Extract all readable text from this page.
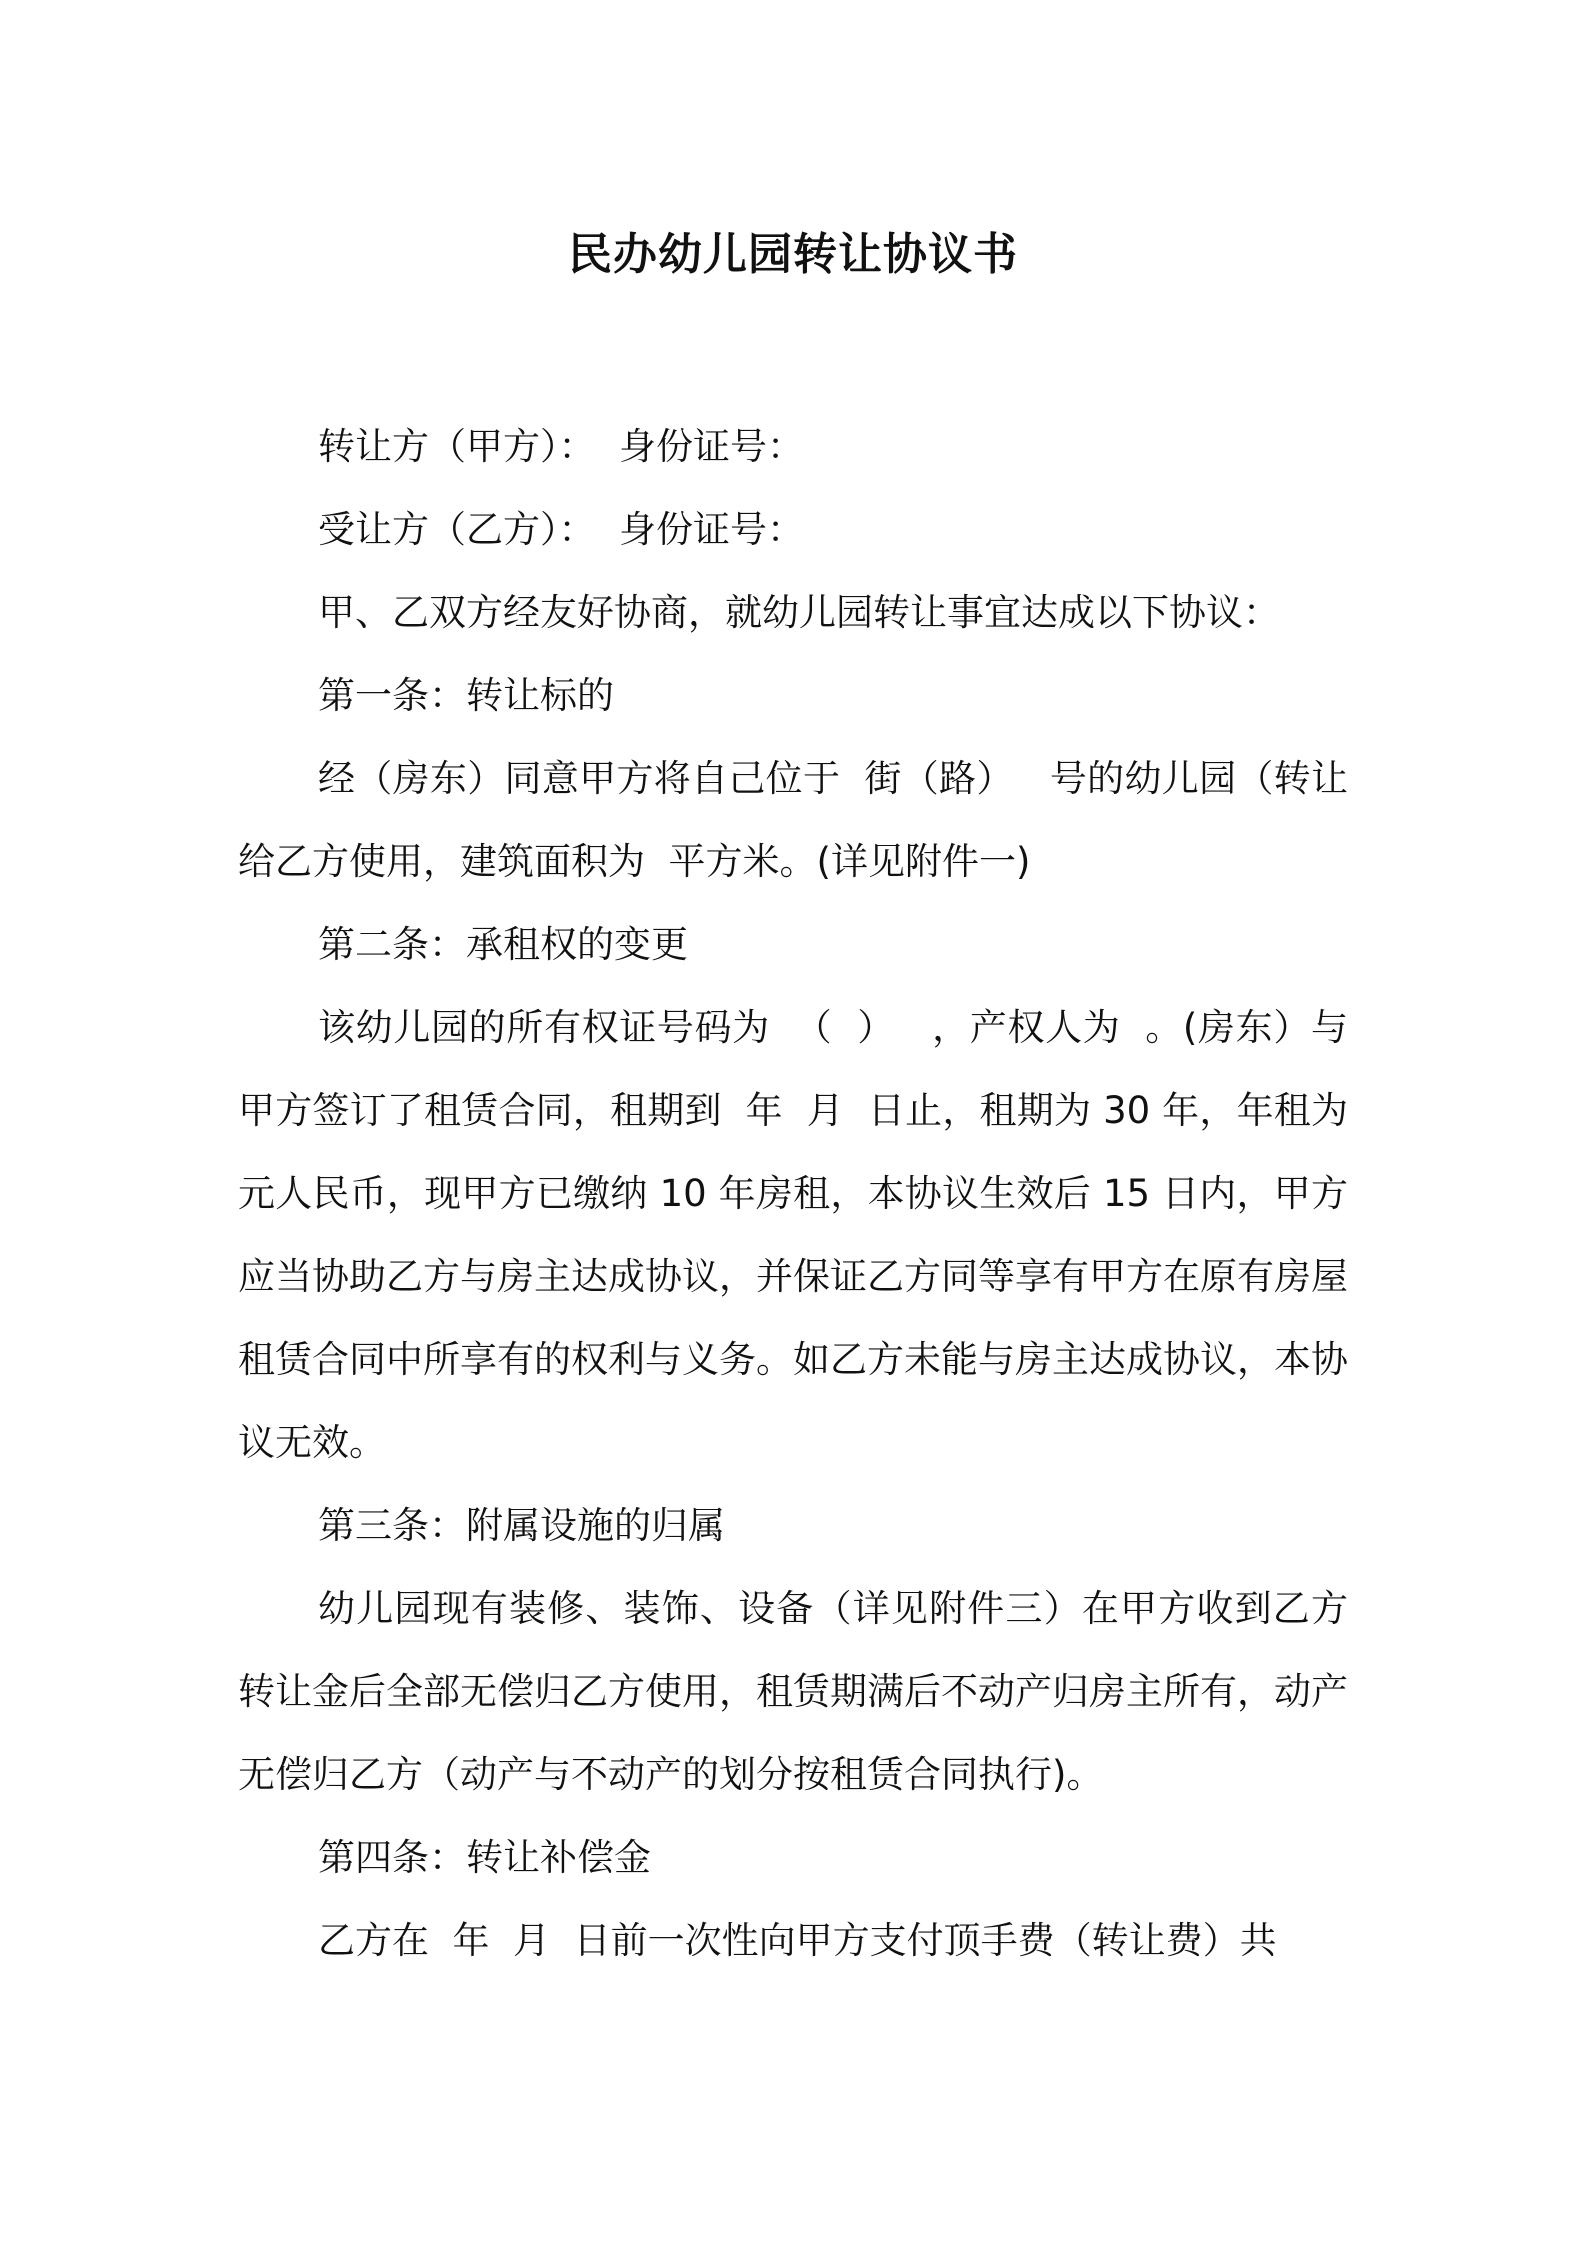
民办幼儿园转让协议书

转让方（甲方）：  身份证号：

受让方（乙方）：  身份证号：

甲、乙双方经友好协商，就幼儿园转让事宜达成以下协议：

第一条：转让标的

经（房东）同意甲方将自己位于  街（路）   号的幼儿园（转让给乙方使用，建筑面积为  平方米。(详见附件一)

第二条：承租权的变更

该幼儿园的所有权证号码为  （  ）   ，产权人为  。(房东）与甲方签订了租赁合同，租期到  年  月  日止，租期为 30 年，年租为  元人民币，现甲方已缴纳 10 年房租，本协议生效后 15 日内，甲方应当协助乙方与房主达成协议，并保证乙方同等享有甲方在原有房屋租赁合同中所享有的权利与义务。如乙方未能与房主达成协议，本协议无效。

第三条：附属设施的归属

幼儿园现有装修、装饰、设备（详见附件三）在甲方收到乙方转让金后全部无偿归乙方使用，租赁期满后不动产归房主所有，动产无偿归乙方（动产与不动产的划分按租赁合同执行)。

第四条：转让补偿金

乙方在  年  月  日前一次性向甲方支付顶手费（转让费）共
